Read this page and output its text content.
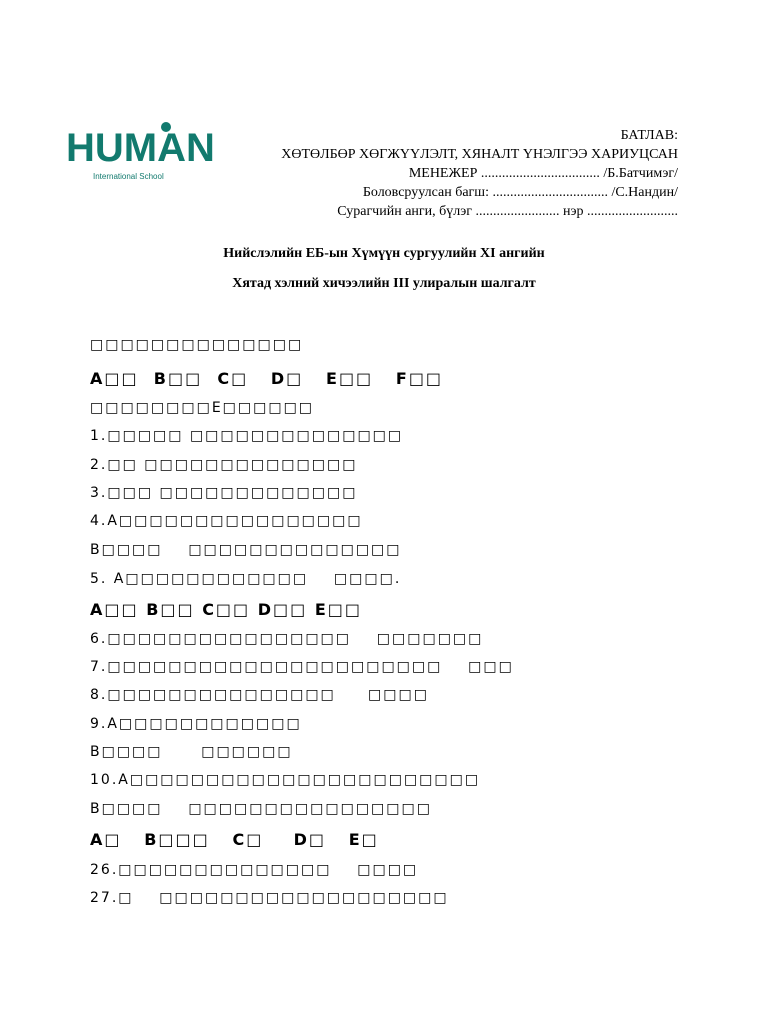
HUMAN
International School
БАТЛАВ:
ХӨТӨЛБӨР ХӨГЖҮҮЛЭЛТ, ХЯНАЛТ ҮНЭЛГЭЭ ХАРИУЦСАН
МЕНЕЖЕР .................................. /Б.Батчимэг/
Боловсруулсан багш: ................................. /С.Нандин/
Сурагчийн анги, бүлэг ........................ нэр ..........................
Нийслэлийн ЕБ-ын Хүмүүн сургуулийн XI ангийн
Хятад хэлний хичээлийн III улиралын шалгалт
□□□□□□□□□□□□□□
A□□  B□□  C□   D□   E□□   F□□
□□□□□□□□E□□□□□□
1.□□□□□ □□□□□□□□□□□□□□
2.□□ □□□□□□□□□□□□□□
3.□□□ □□□□□□□□□□□□□
4.A□□□□□□□□□□□□□□□□
B□□□□    □□□□□□□□□□□□□□
5. A□□□□□□□□□□□□    □□□□.
A□□ B□□ C□□ D□□ E□□
6.□□□□□□□□□□□□□□□□    □□□□□□□
7.□□□□□□□□□□□□□□□□□□□□□□    □□□
8.□□□□□□□□□□□□□□□     □□□□
9.A□□□□□□□□□□□□
B□□□□      □□□□□□
10.A□□□□□□□□□□□□□□□□□□□□□□□
B□□□□    □□□□□□□□□□□□□□□□
A□   B□□□   C□    D□   E□
26.□□□□□□□□□□□□□□    □□□□
27.□    □□□□□□□□□□□□□□□□□□□
